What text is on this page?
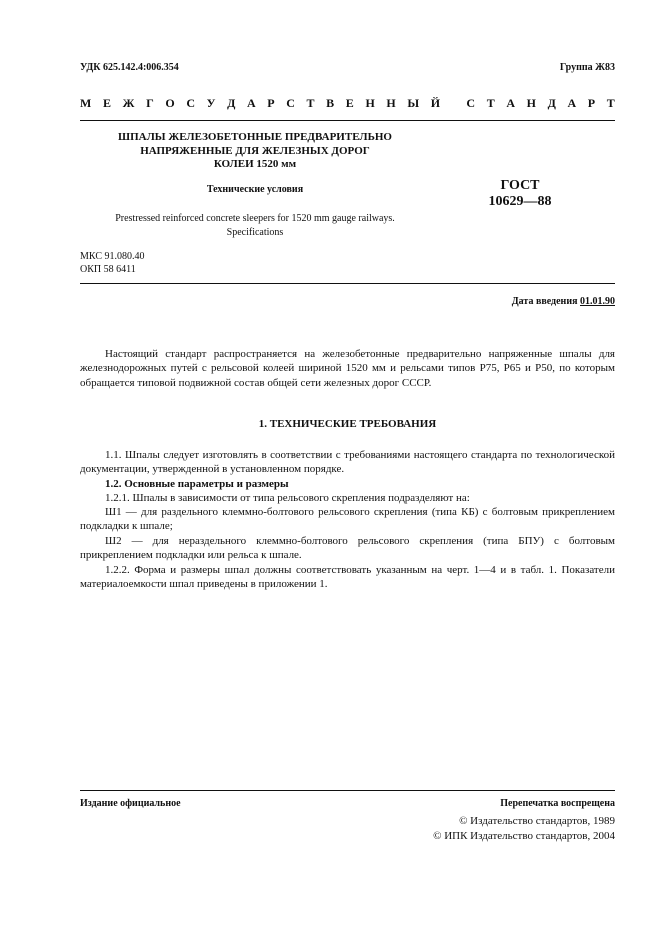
УДК 625.142.4:006.354	Группа Ж83
М Е Ж Г О С У Д А Р С Т В Е Н Н Ы Й
С Т А Н Д А Р Т
ШПАЛЫ ЖЕЛЕЗОБЕТОННЫЕ ПРЕДВАРИТЕЛЬНО
НАПРЯЖЕННЫЕ ДЛЯ ЖЕЛЕЗНЫХ ДОРОГ
КОЛЕИ 1520 мм
Технические условия
Prestressed reinforced concrete sleepers for 1520 mm gauge railways.
Specifications
ГОСТ
10629—88
МКС 91.080.40
ОКП 58 6411
Дата введения 01.01.90
Настоящий стандарт распространяется на железобетонные предварительно напряженные шпалы для железнодорожных путей с рельсовой колеей шириной 1520 мм и рельсами типов Р75, Р65 и Р50, по которым обращается типовой подвижной состав общей сети железных дорог СССР.
1. ТЕХНИЧЕСКИЕ ТРЕБОВАНИЯ
1.1. Шпалы следует изготовлять в соответствии с требованиями настоящего стандарта по технологической документации, утвержденной в установленном порядке.
1.2. Основные параметры и размеры
1.2.1. Шпалы в зависимости от типа рельсового скрепления подразделяют на:
Ш1 — для раздельного клеммно-болтового рельсового скрепления (типа КБ) с болтовым прикреплением подкладки к шпале;
Ш2 — для нераздельного клеммно-болтового рельсового скрепления (типа БПУ) с болтовым прикреплением подкладки или рельса к шпале.
1.2.2. Форма и размеры шпал должны соответствовать указанным на черт. 1—4 и в табл. 1. Показатели материалоемкости шпал приведены в приложении 1.
Издание официальное	Перепечатка воспрещена
© Издательство стандартов, 1989
© ИПК Издательство стандартов, 2004
